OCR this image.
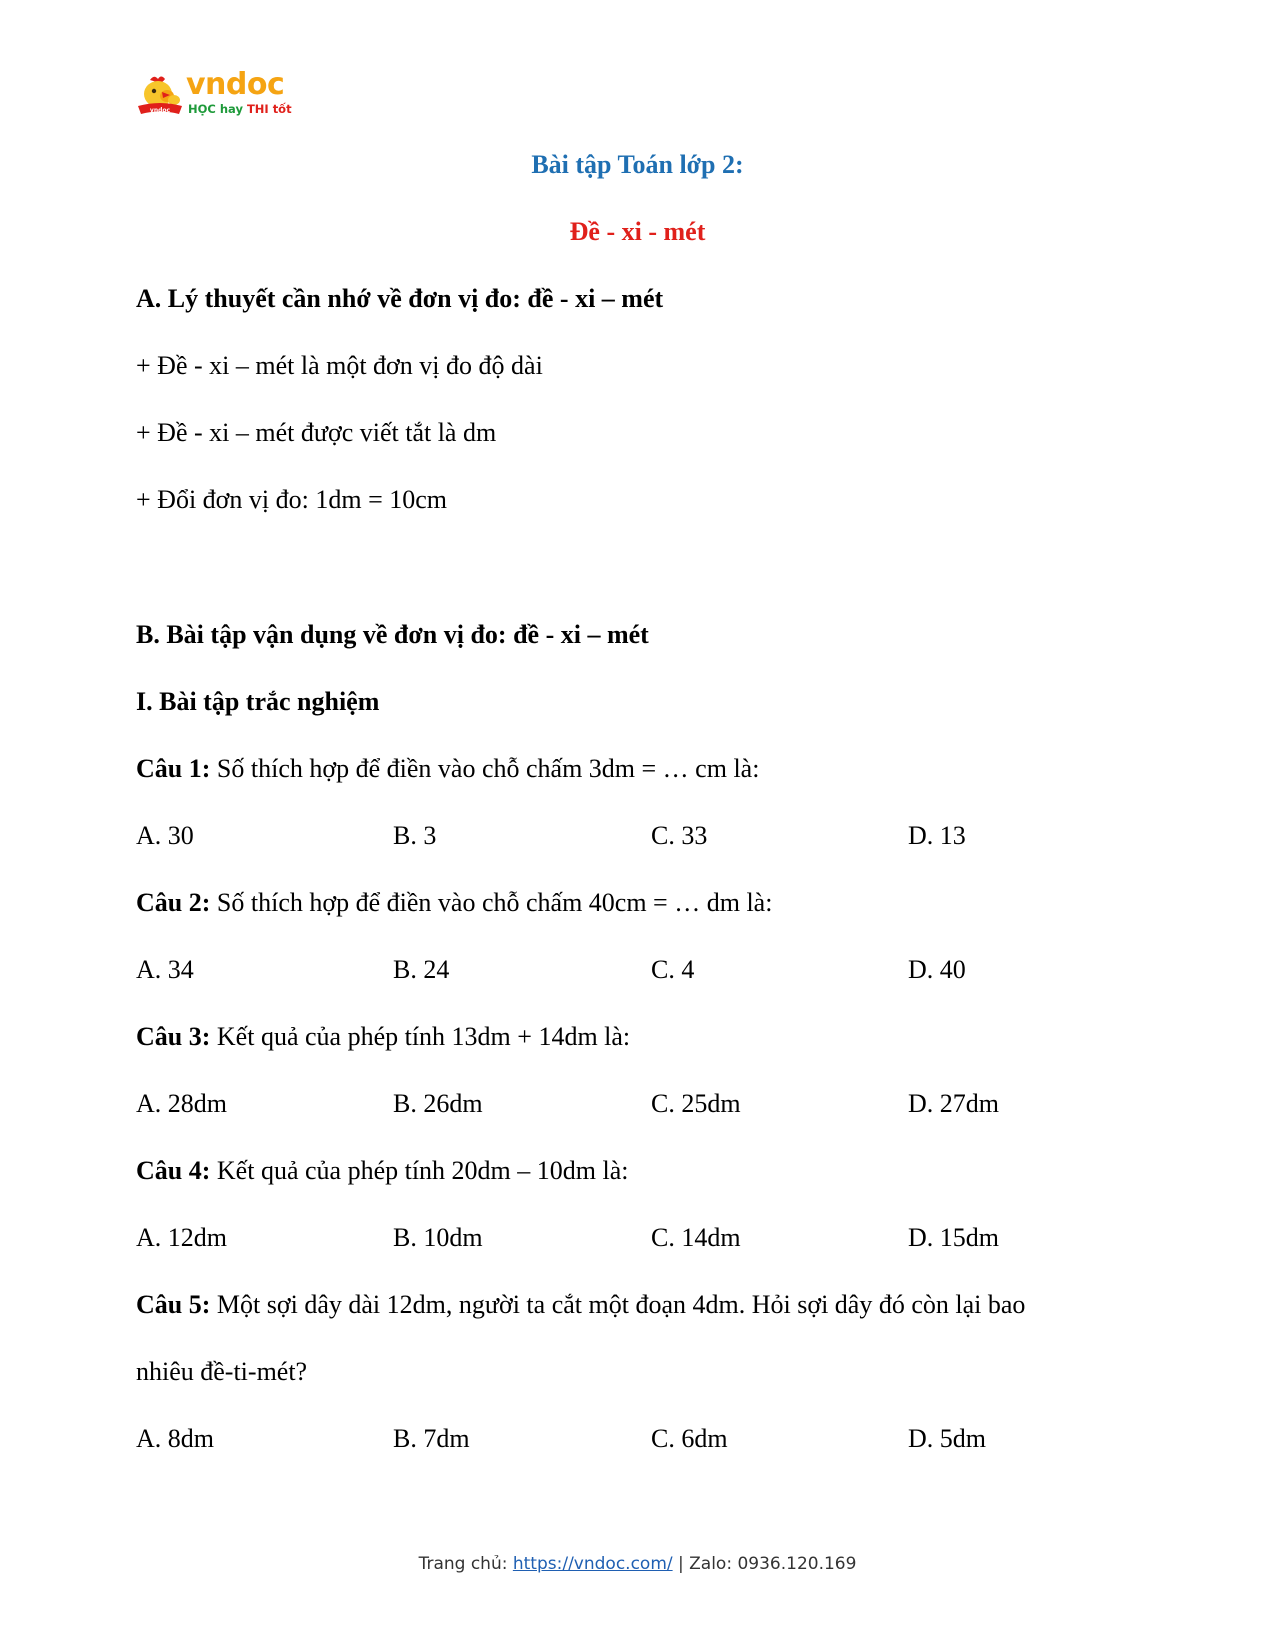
vndoc
vndoc
HỌC hay THI tốt
Bài tập Toán lớp 2:
Đề - xi - mét
A. Lý thuyết cần nhớ về đơn vị đo: đề - xi – mét
+ Đề - xi – mét là một đơn vị đo độ dài
+ Đề - xi – mét được viết tắt là dm
+ Đổi đơn vị đo: 1dm = 10cm
B. Bài tập vận dụng về đơn vị đo: đề - xi – mét
I. Bài tập trắc nghiệm
Câu 1: Số thích hợp để điền vào chỗ chấm 3dm = … cm là:
A. 30	B. 3	C. 33	D. 13
Câu 2: Số thích hợp để điền vào chỗ chấm 40cm = … dm là:
A. 34	B. 24	C. 4	D. 40
Câu 3: Kết quả của phép tính 13dm + 14dm là:
A. 28dm	B. 26dm	C. 25dm	D. 27dm
Câu 4: Kết quả của phép tính 20dm – 10dm là:
A. 12dm	B. 10dm	C. 14dm	D. 15dm
Câu 5: Một sợi dây dài 12dm, người ta cắt một đoạn 4dm. Hỏi sợi dây đó còn lại bao
nhiêu đề-ti-mét?
A. 8dm	B. 7dm	C. 6dm	D. 5dm
Trang chủ: https://vndoc.com/ | Zalo: 0936.120.169
